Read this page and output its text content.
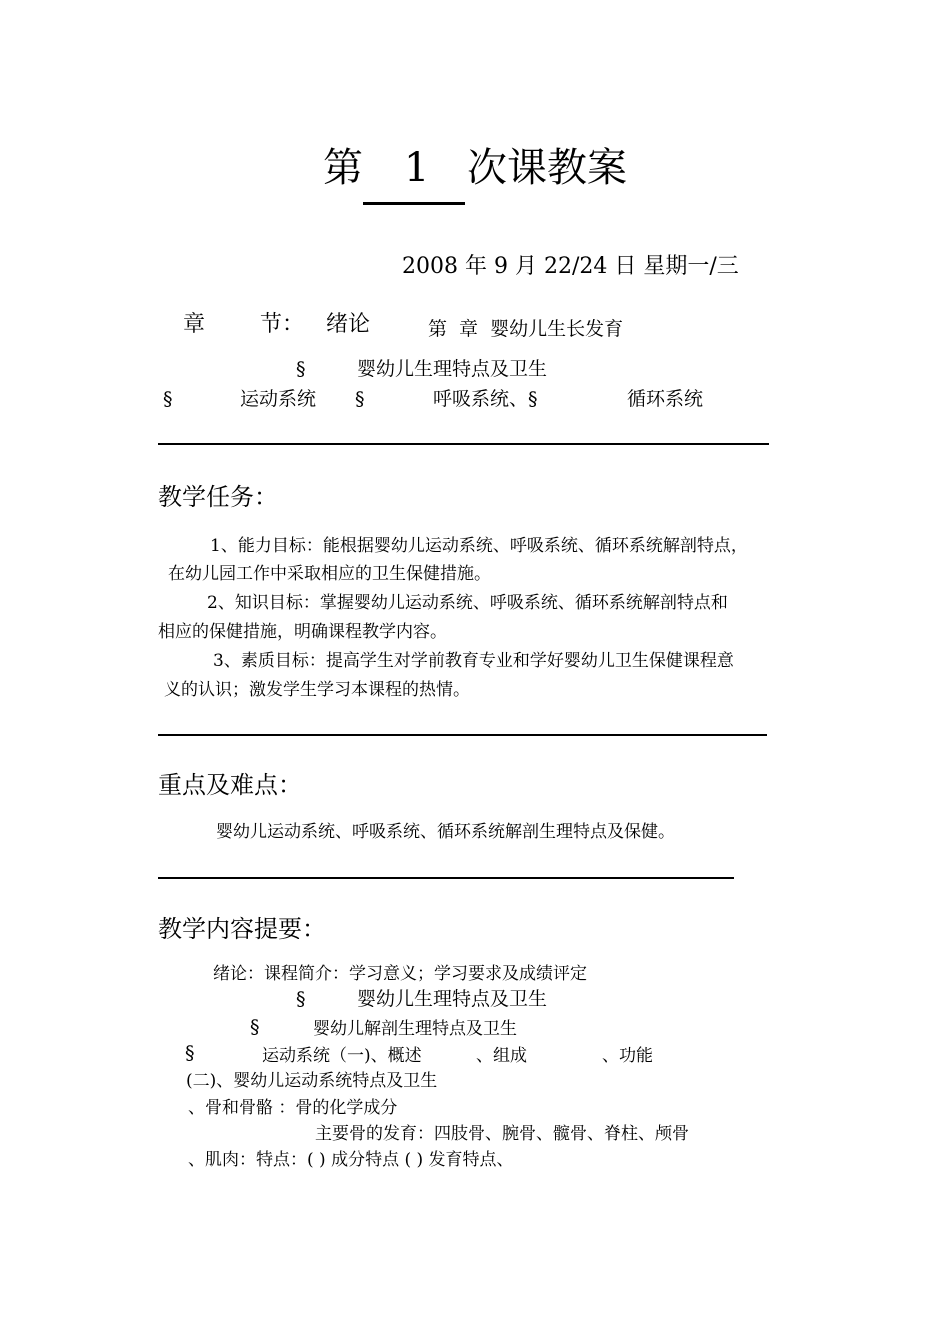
第 1 次课教案
2008 年 9 月 22/24 日 星期一/三
章 节： 绪论	第 章 婴幼儿生长发育
§	婴幼儿生理特点及卫生
§	运动系统 §	呼吸系统、§	循环系统
教学任务：
1、能力目标：能根据婴幼儿运动系统、呼吸系统、循环系统解剖特点，
在幼儿园工作中采取相应的卫生保健措施。
2、知识目标：掌握婴幼儿运动系统、呼吸系统、循环系统解剖特点和
相应的保健措施，明确课程教学内容。
3、素质目标：提高学生对学前教育专业和学好婴幼儿卫生保健课程意
义的认识；激发学生学习本课程的热情。
重点及难点：
婴幼儿运动系统、呼吸系统、循环系统解剖生理特点及保健。
教学内容提要：
绪论：课程简介：学习意义；学习要求及成绩评定
§	婴幼儿生理特点及卫生
§	婴幼儿解剖生理特点及卫生
§	运动系统（一)、概述	、组成	、功能
(二)、婴幼儿运动系统特点及卫生
、骨和骨骼 ：骨的化学成分
主要骨的发育：四肢骨、腕骨、髋骨、脊柱、颅骨
、肌肉：特点：( ) 成分特点 ( ) 发育特点、
